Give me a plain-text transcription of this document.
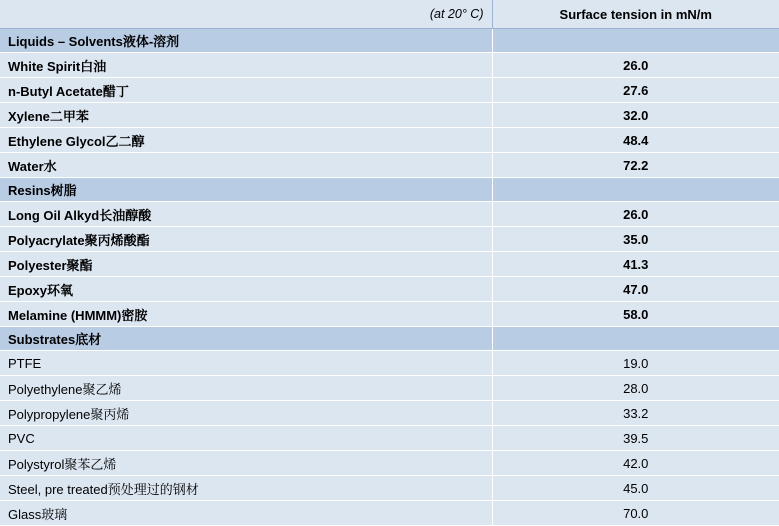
(at 20° C)	Surface tension in mN/m
Liquids – Solvents液体-溶剂	
White Spirit白油	26.0
n-Butyl Acetate醋丁	27.6
Xylene二甲苯	32.0
Ethylene Glycol乙二醇	48.4
Water水	72.2
Resins树脂	
Long Oil Alkyd长油醇酸	26.0
Polyacrylate聚丙烯酸酯	35.0
Polyester聚酯	41.3
Epoxy环氧	47.0
Melamine (HMMM)密胺	58.0
Substrates底材	
PTFE	19.0
Polyethylene聚乙烯	28.0
Polypropylene聚丙烯	33.2
PVC	39.5
Polystyrol聚苯乙烯	42.0
Steel, pre treated预处理过的钢材	45.0
Glass玻璃	70.0
